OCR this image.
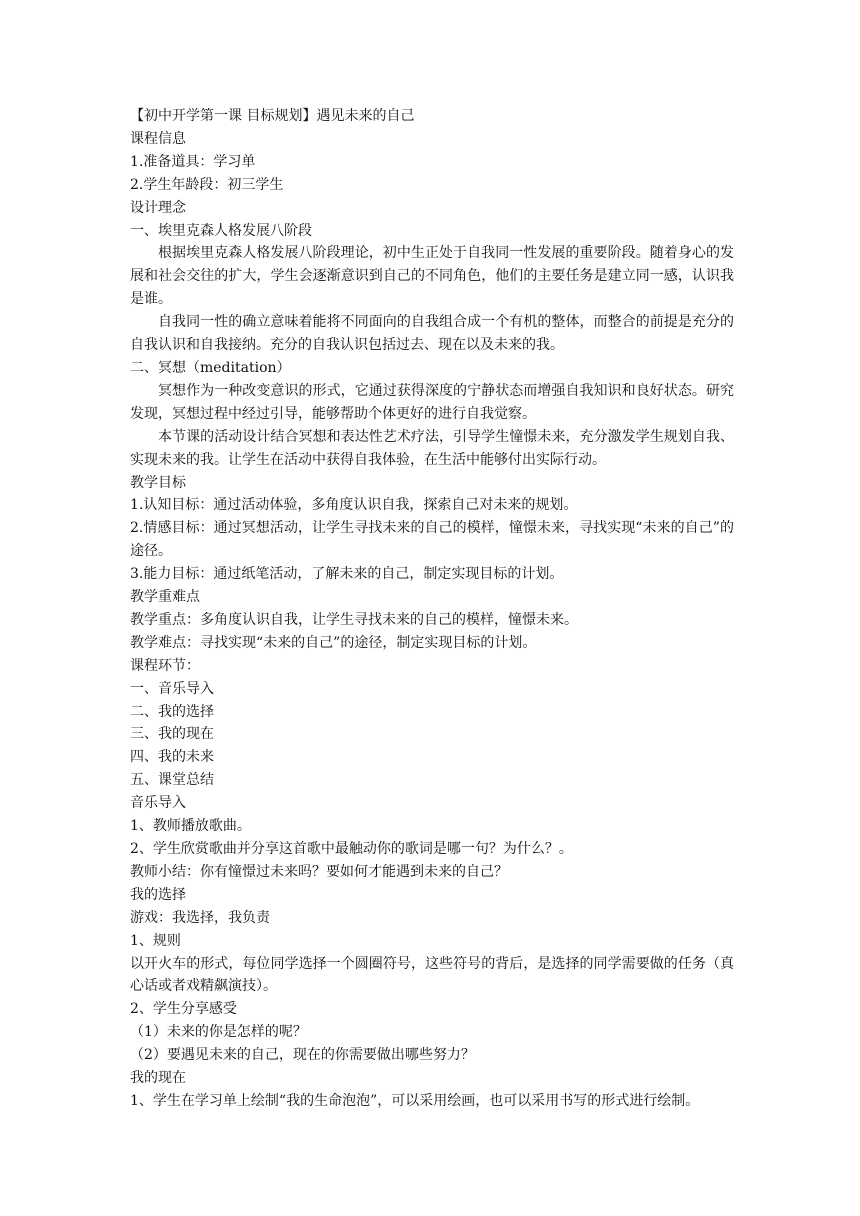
【初中开学第一课 目标规划】遇见未来的自己

课程信息

1.准备道具：学习单

2.学生年龄段：初三学生

设计理念

一、埃里克森人格发展八阶段

根据埃里克森人格发展八阶段理论，初中生正处于自我同一性发展的重要阶段。随着身心的发展和社会交往的扩大，学生会逐渐意识到自己的不同角色，他们的主要任务是建立同一感，认识我是谁。

自我同一性的确立意味着能将不同面向的自我组合成一个有机的整体，而整合的前提是充分的自我认识和自我接纳。充分的自我认识包括过去、现在以及未来的我。

二、冥想（meditation）

冥想作为一种改变意识的形式，它通过获得深度的宁静状态而增强自我知识和良好状态。研究发现，冥想过程中经过引导，能够帮助个体更好的进行自我觉察。

本节课的活动设计结合冥想和表达性艺术疗法，引导学生憧憬未来，充分激发学生规划自我、实现未来的我。让学生在活动中获得自我体验，在生活中能够付出实际行动。

教学目标

1.认知目标：通过活动体验，多角度认识自我，探索自己对未来的规划。

2.情感目标：通过冥想活动，让学生寻找未来的自己的模样，憧憬未来，寻找实现“未来的自己”的途径。

3.能力目标：通过纸笔活动，了解未来的自己，制定实现目标的计划。

教学重难点

教学重点：多角度认识自我，让学生寻找未来的自己的模样，憧憬未来。

教学难点：寻找实现“未来的自己”的途径，制定实现目标的计划。

课程环节：

一、音乐导入

二、我的选择

三、我的现在

四、我的未来

五、课堂总结

音乐导入

1、教师播放歌曲。

2、学生欣赏歌曲并分享这首歌中最触动你的歌词是哪一句？为什么？。

教师小结：你有憧憬过未来吗？要如何才能遇到未来的自己？

我的选择

游戏：我选择，我负责

1、规则

以开火车的形式，每位同学选择一个圆圈符号，这些符号的背后，是选择的同学需要做的任务（真心话或者戏精飙演技）。

2、学生分享感受

（1）未来的你是怎样的呢？

（2）要遇见未来的自己，现在的你需要做出哪些努力？

我的现在

1、学生在学习单上绘制“我的生命泡泡”，可以采用绘画，也可以采用书写的形式进行绘制。
